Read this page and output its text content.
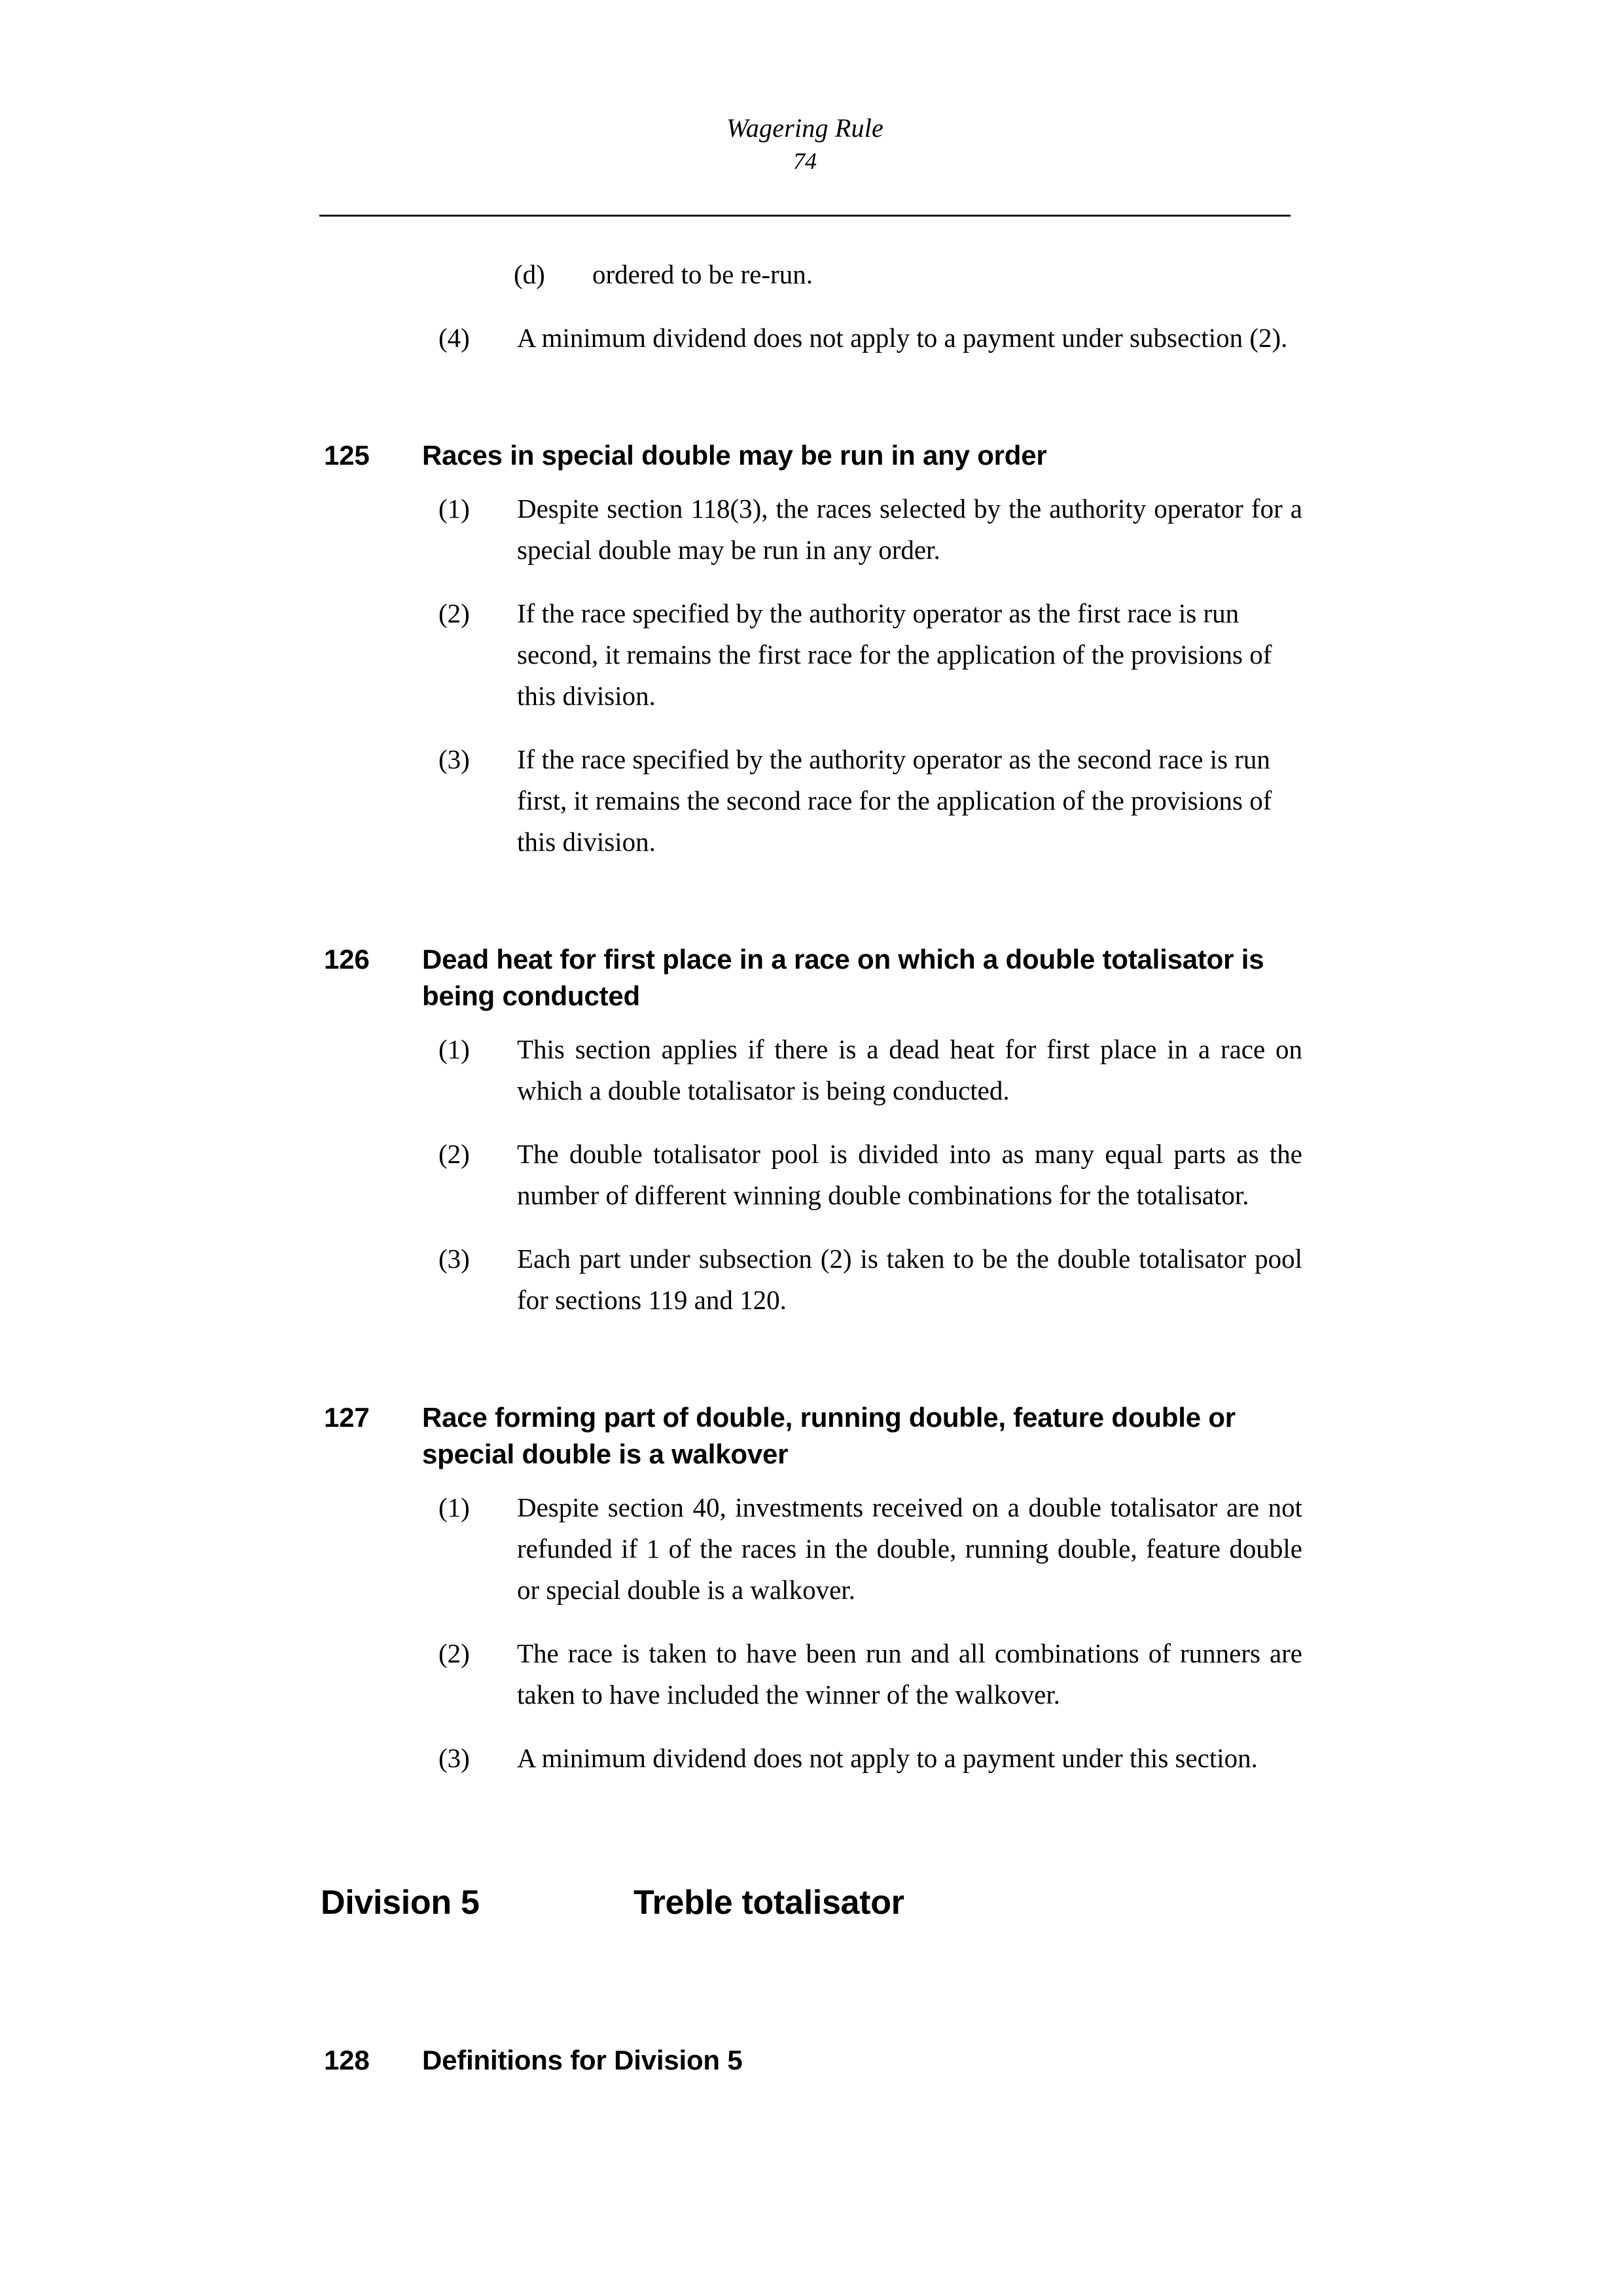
Wagering Rule
74
(d)	ordered to be re-run.
(4)	A minimum dividend does not apply to a payment under subsection (2).
125	Races in special double may be run in any order
(1)	Despite section 118(3), the races selected by the authority operator for a special double may be run in any order.
(2)	If the race specified by the authority operator as the first race is run second, it remains the first race for the application of the provisions of this division.
(3)	If the race specified by the authority operator as the second race is run first, it remains the second race for the application of the provisions of this division.
126	Dead heat for first place in a race on which a double totalisator is being conducted
(1)	This section applies if there is a dead heat for first place in a race on which a double totalisator is being conducted.
(2)	The double totalisator pool is divided into as many equal parts as the number of different winning double combinations for the totalisator.
(3)	Each part under subsection (2) is taken to be the double totalisator pool for sections 119 and 120.
127	Race forming part of double, running double, feature double or special double is a walkover
(1)	Despite section 40, investments received on a double totalisator are not refunded if 1 of the races in the double, running double, feature double or special double is a walkover.
(2)	The race is taken to have been run and all combinations of runners are taken to have included the winner of the walkover.
(3)	A minimum dividend does not apply to a payment under this section.
Division 5	Treble totalisator
128	Definitions for Division 5
